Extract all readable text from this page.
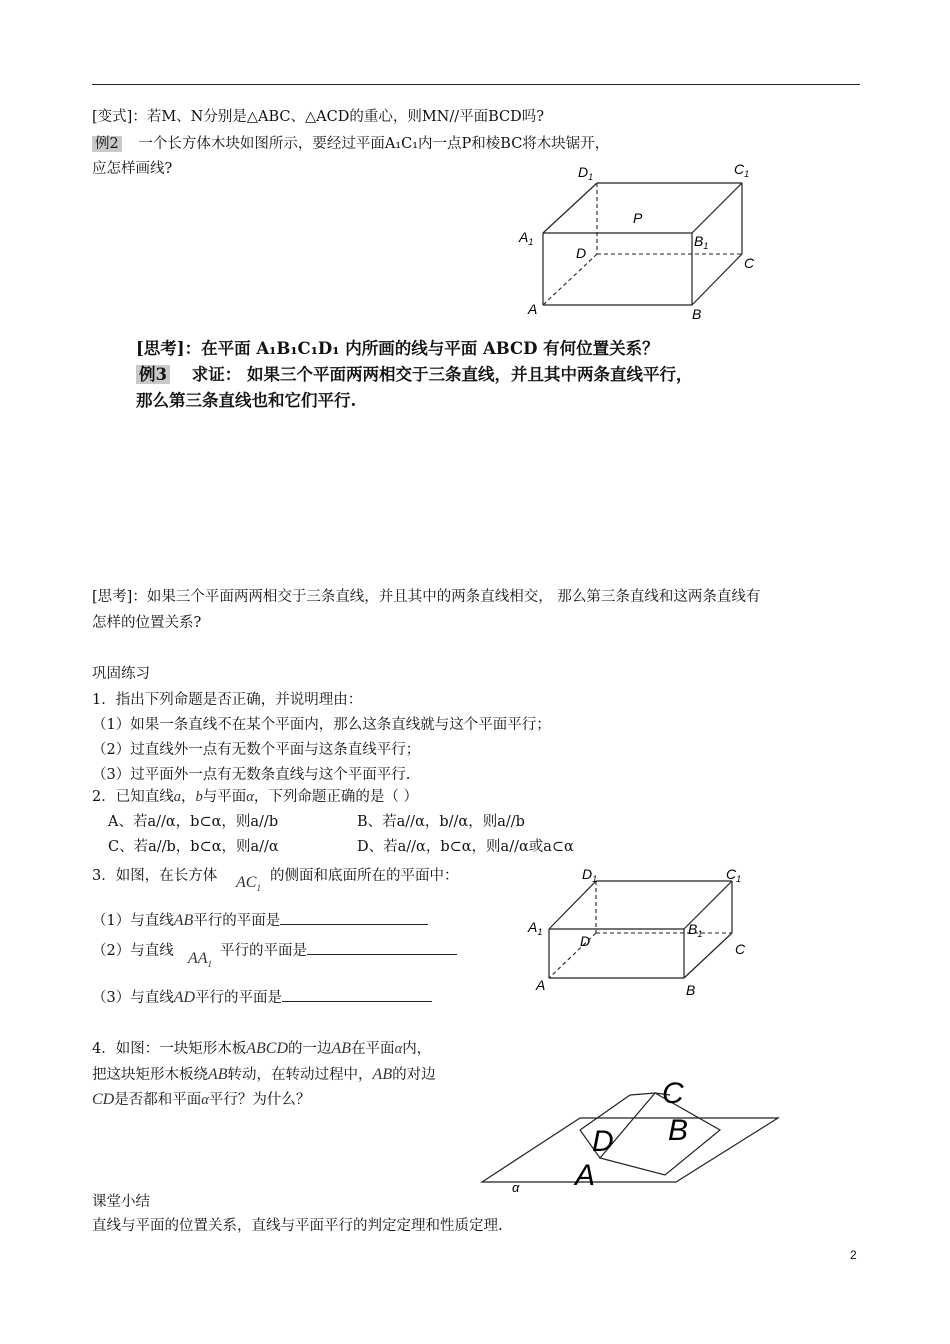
[变式]：若M、N分别是△ABC、△ACD的重心，则MN//平面BCD吗?
例2 一个长方体木块如图所示，要经过平面A₁C₁内一点P和棱BC将木块锯开，
应怎样画线?	$D_1$	$C_1$
$A_1$	$B_1$
D
C
A	B
P
[思考]：在平面 A₁B₁C₁D₁ 内所画的线与平面 ABCD 有何位置关系？
例3 求证： 如果三个平面两两相交于三条直线，并且其中两条直线平行，
那么第三条直线也和它们平行.
[思考]：如果三个平面两两相交于三条直线，并且其中的两条直线相交， 那么第三条直线和这两条直线有
怎样的位置关系?
巩固练习
1．指出下列命题是否正确，并说明理由：
（1）如果一条直线不在某个平面内，那么这条直线就与这个平面平行；
（2）过直线外一点有无数个平面与这条直线平行；
（3）过平面外一点有无数条直线与这个平面平行.
2．已知直线a，b与平面α，下列命题正确的是（ ）
A、若a//α，b⊂α，则a//b	B、若a//α，b//α，则a//b
C、若a//b，b⊂α，则a//α	D、若a//α，b⊂α，则a//α或a⊂α
3．如图，在长方体 $AC_1$
的侧面和底面所在的平面中：
（1）与直线AB平行的平面是
（2）与直线 $AA_1$
平行的平面是
（3）与直线AD平行的平面是
$D_1$	$C_1$
$A_1$	$B_1$
D	C
A	B
4．如图：一块矩形木板ABCD的一边AB在平面α内，
把这块矩形木板绕AB转动，在转动过程中，AB的对边
CD是否都和平面α平行？为什么？	C
B
D
A
α
课堂小结
直线与平面的位置关系，直线与平面平行的判定定理和性质定理.
2
